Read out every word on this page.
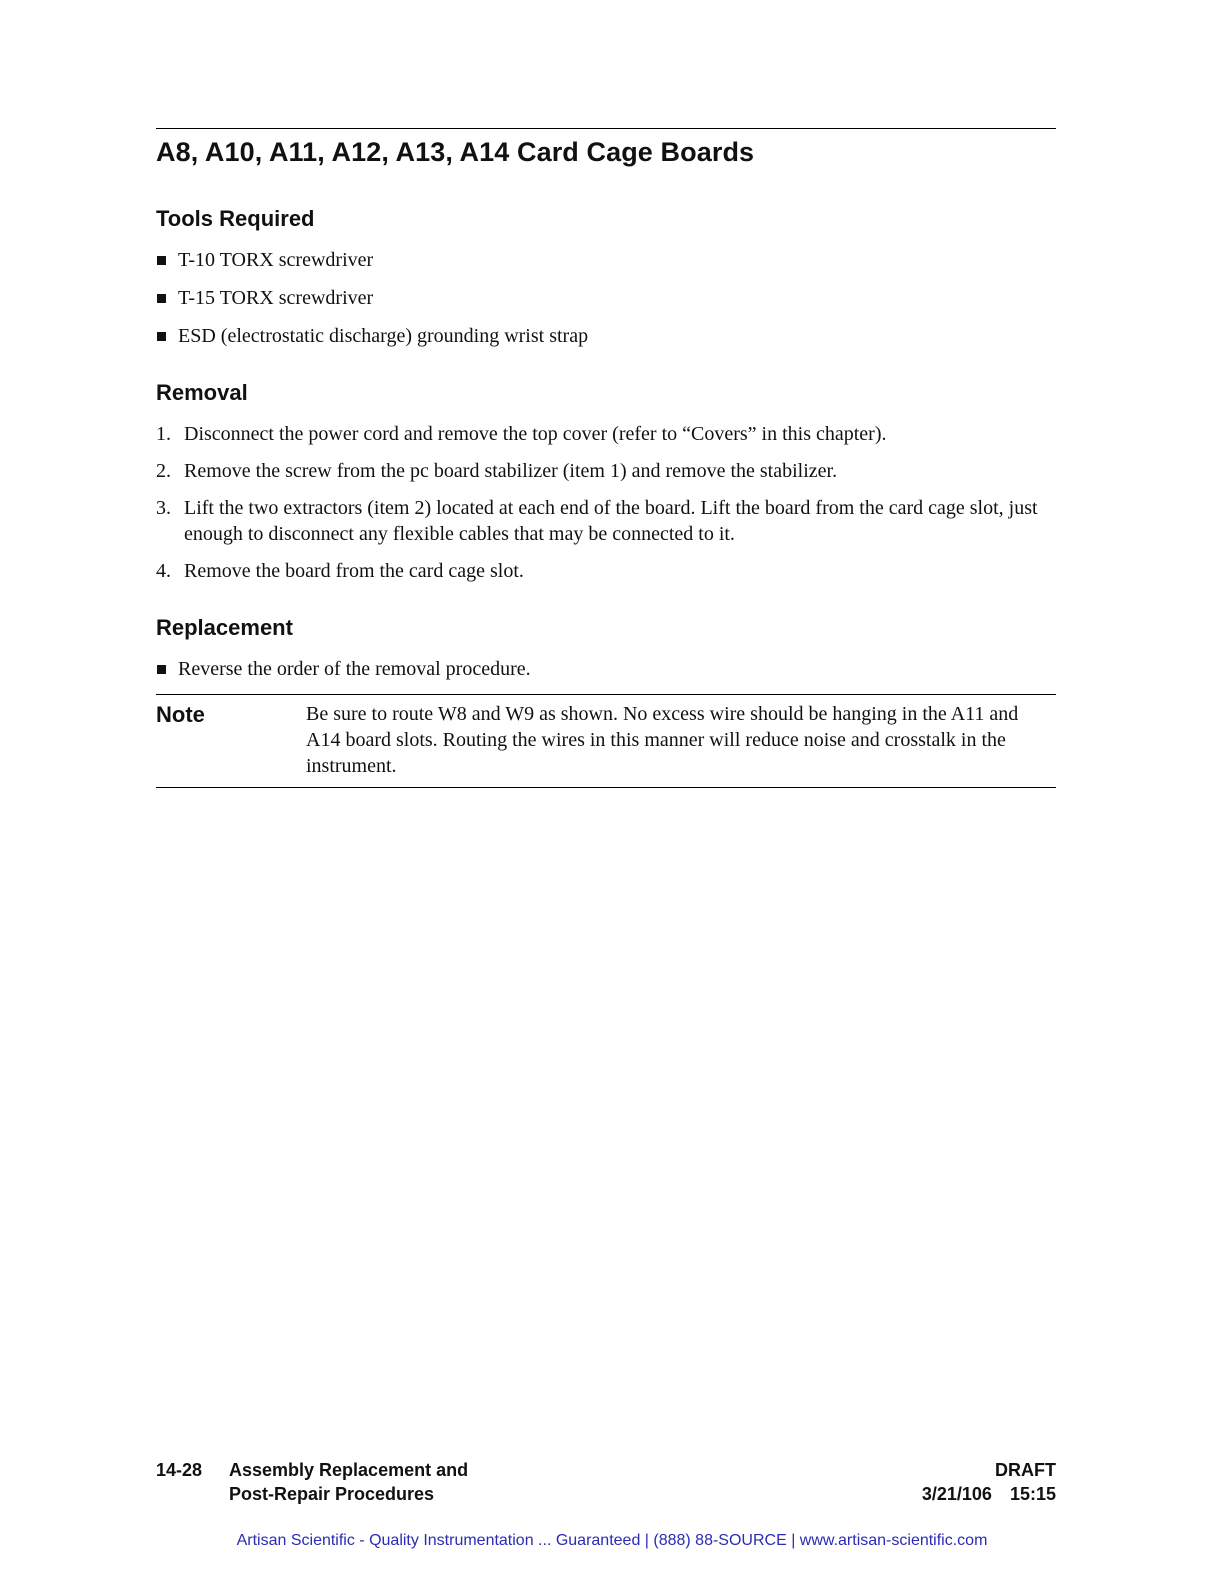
A8, A10, A11, A12, A13, A14 Card Cage Boards
Tools Required
T-10 TORX screwdriver
T-15 TORX screwdriver
ESD (electrostatic discharge) grounding wrist strap
Removal
1. Disconnect the power cord and remove the top cover (refer to “Covers” in this chapter).
2. Remove the screw from the pc board stabilizer (item 1) and remove the stabilizer.
3. Lift the two extractors (item 2) located at each end of the board. Lift the board from the card cage slot, just enough to disconnect any flexible cables that may be connected to it.
4. Remove the board from the card cage slot.
Replacement
Reverse the order of the removal procedure.
Note	Be sure to route W8 and W9 as shown. No excess wire should be hanging in the A11 and A14 board slots. Routing the wires in this manner will reduce noise and crosstalk in the instrument.
14-28	Assembly Replacement and
Post-Repair Procedures
DRAFT
3/21/106 15:15
Artisan Scientific - Quality Instrumentation ... Guaranteed | (888) 88-SOURCE | www.artisan-scientific.com
